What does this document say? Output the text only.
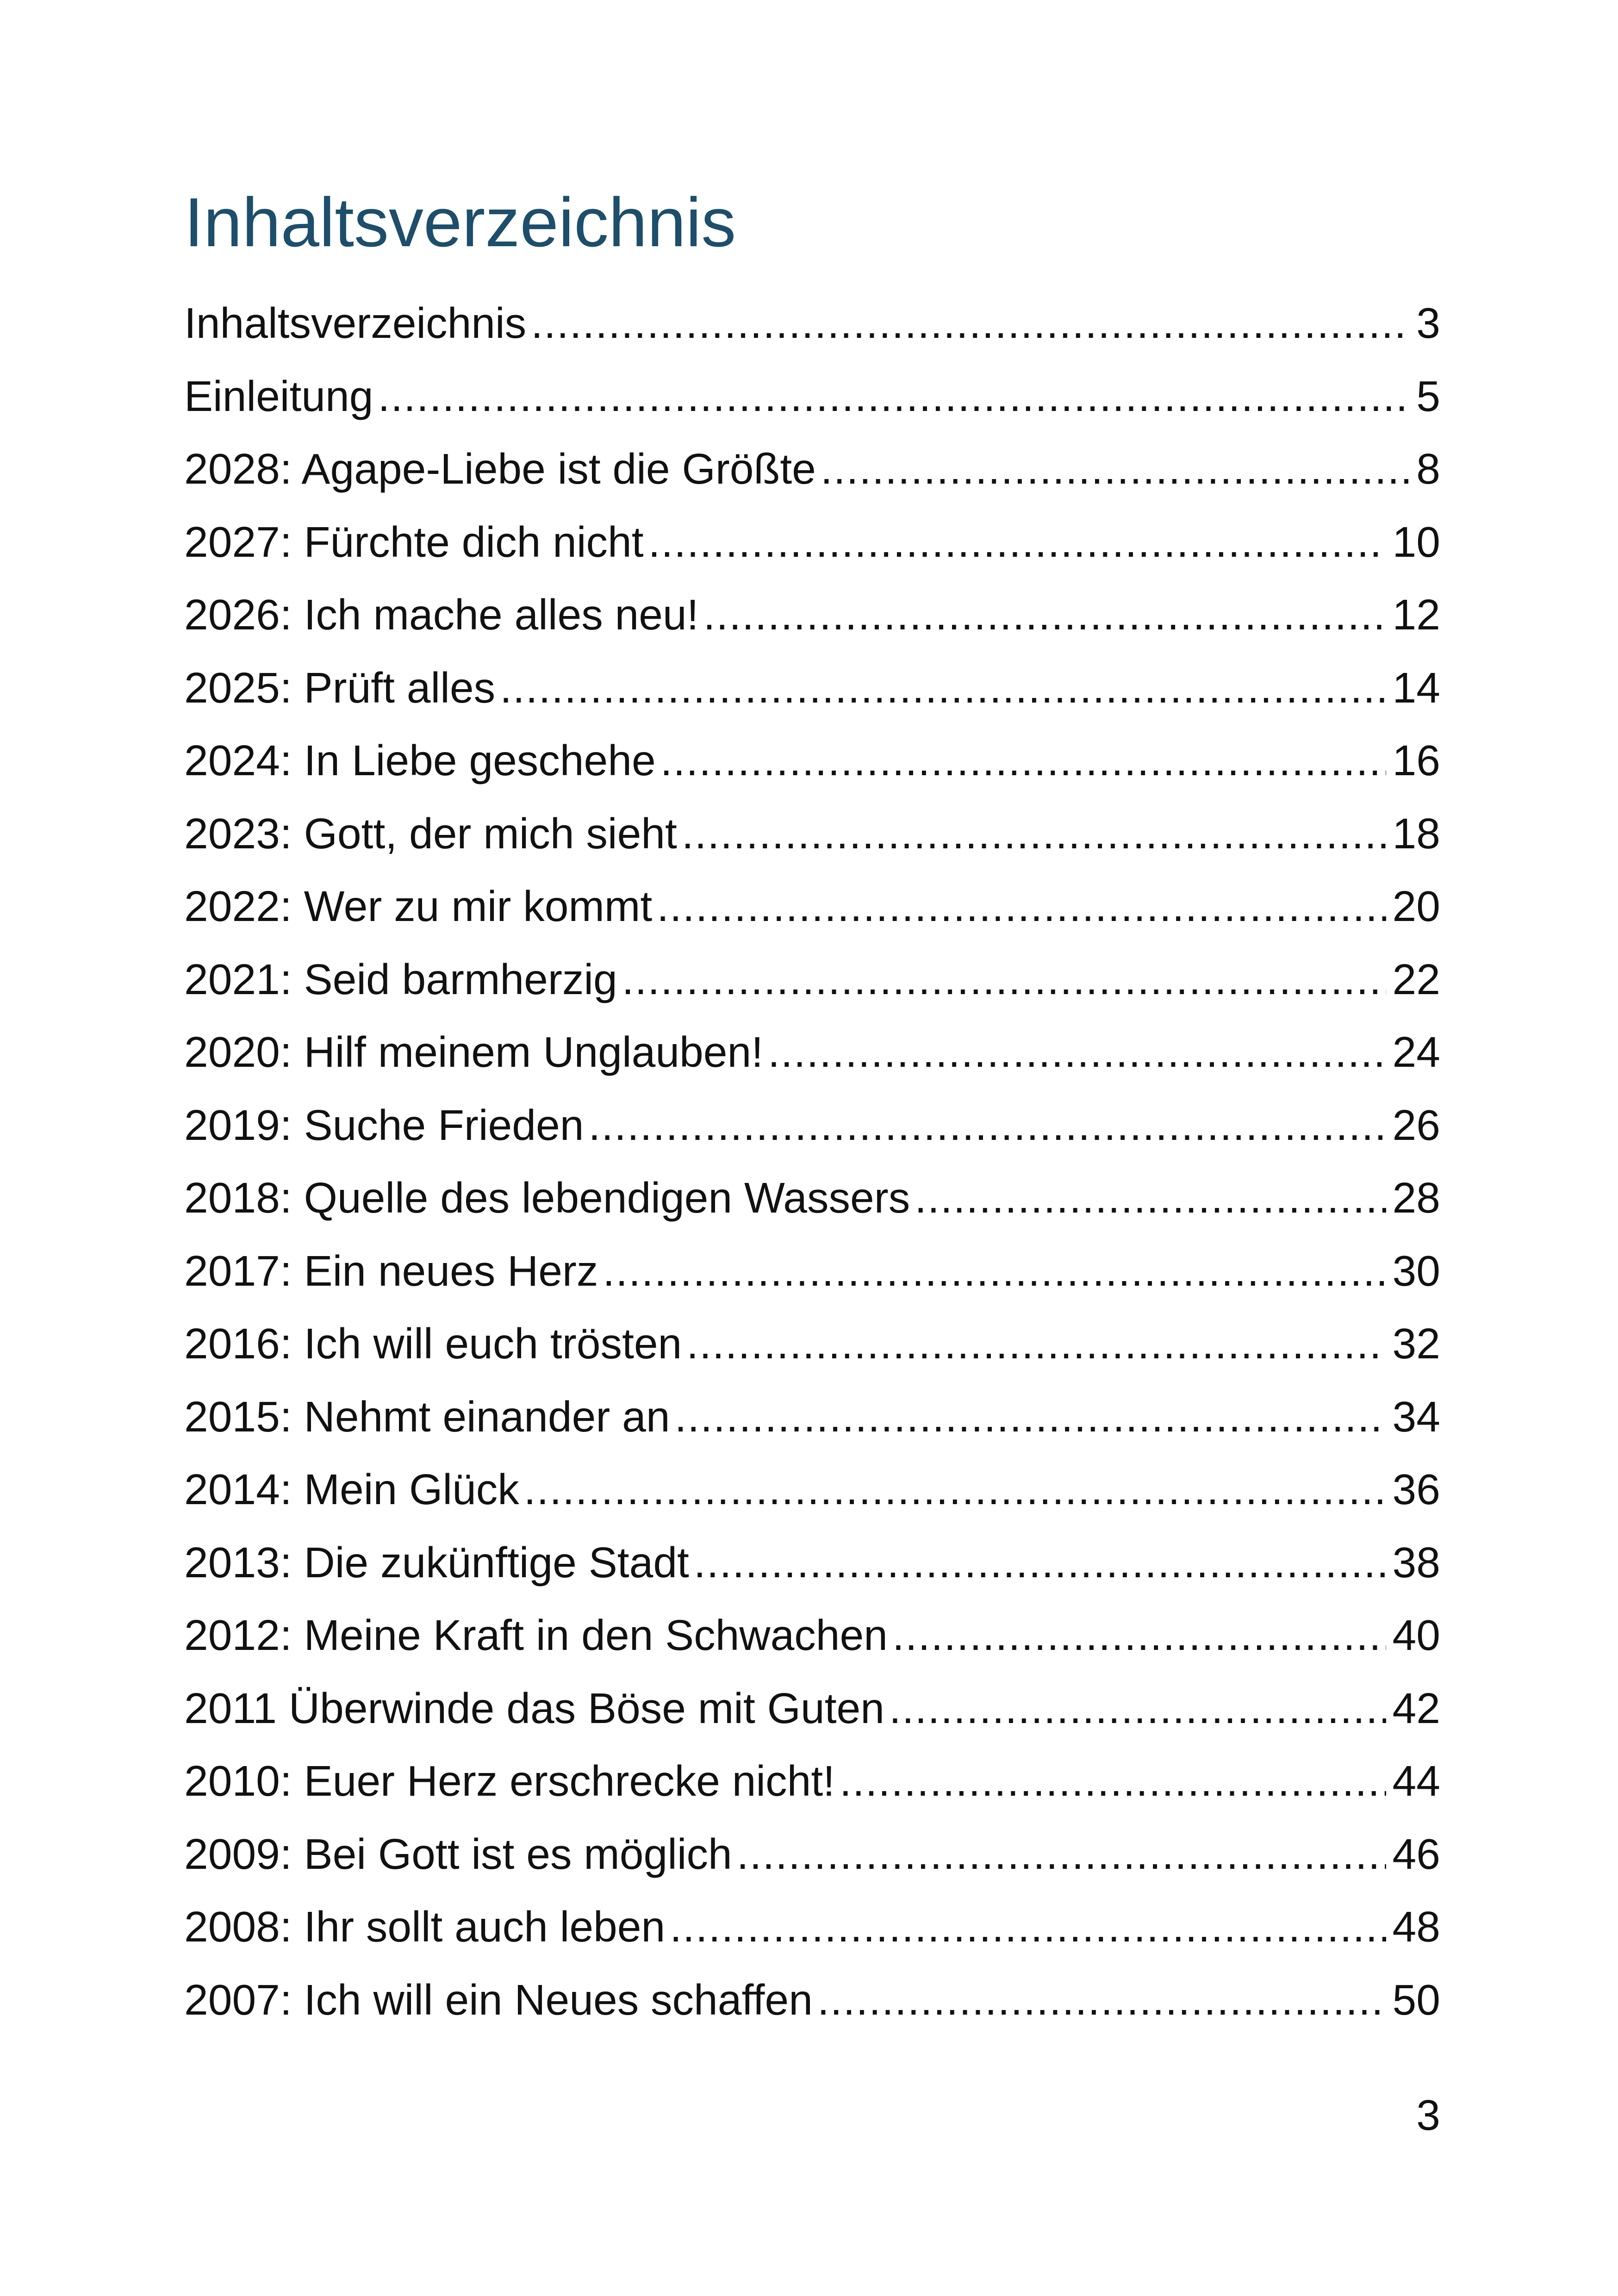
Inhaltsverzeichnis
Inhaltsverzeichnis .....	3
Einleitung .....	5
2028: Agape-Liebe ist die Größte .....	8
2027: Fürchte dich nicht .....	10
2026: Ich mache alles neu! .....	12
2025: Prüft alles .....	14
2024: In Liebe geschehe .....	16
2023: Gott, der mich sieht .....	18
2022: Wer zu mir kommt .....	20
2021: Seid barmherzig .....	22
2020: Hilf meinem Unglauben! .....	24
2019: Suche Frieden .....	26
2018: Quelle des lebendigen Wassers .....	28
2017: Ein neues Herz .....	30
2016: Ich will euch trösten .....	32
2015: Nehmt einander an .....	34
2014: Mein Glück .....	36
2013: Die zukünftige Stadt .....	38
2012: Meine Kraft in den Schwachen .....	40
2011 Überwinde das Böse mit Guten .....	42
2010: Euer Herz erschrecke nicht! .....	44
2009: Bei Gott ist es möglich .....	46
2008: Ihr sollt auch leben .....	48
2007: Ich will ein Neues schaffen .....	50

3
